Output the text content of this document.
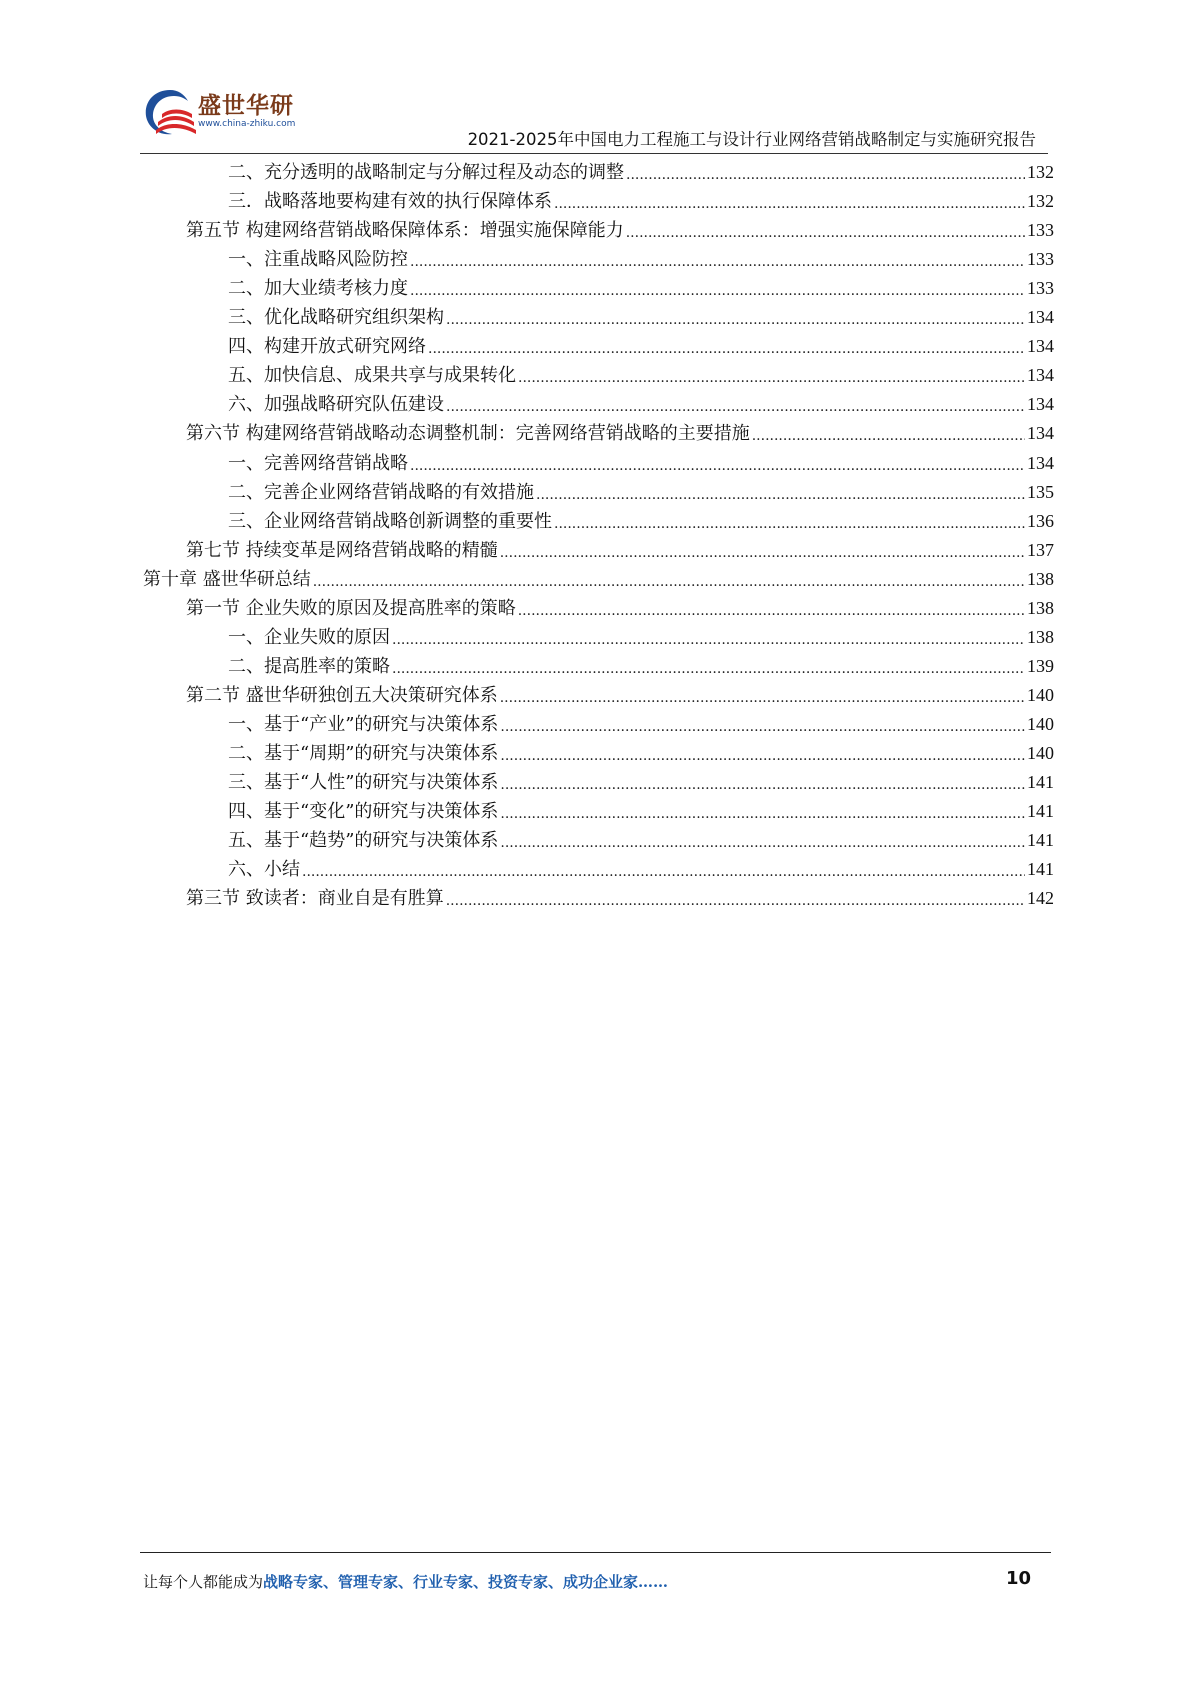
盛世华研
www.china-zhiku.com
2021-2025年中国电力工程施工与设计行业网络营销战略制定与实施研究报告
二、充分透明的战略制定与分解过程及动态的调整 .....	132
三．战略落地要构建有效的执行保障体系 .....	132
第五节 构建网络营销战略保障体系：增强实施保障能力 .....	133
一、注重战略风险防控 .....	133
二、加大业绩考核力度 .....	133
三、优化战略研究组织架构 .....	134
四、构建开放式研究网络 .....	134
五、加快信息、成果共享与成果转化 .....	134
六、加强战略研究队伍建设 .....	134
第六节 构建网络营销战略动态调整机制：完善网络营销战略的主要措施 .....	134
一、完善网络营销战略 .....	134
二、完善企业网络营销战略的有效措施 .....	135
三、企业网络营销战略创新调整的重要性 .....	136
第七节 持续变革是网络营销战略的精髓 .....	137
第十章 盛世华研总结 .....	138
第一节 企业失败的原因及提高胜率的策略 .....	138
一、企业失败的原因 .....	138
二、提高胜率的策略 .....	139
第二节 盛世华研独创五大决策研究体系 .....	140
一、基于“产业”的研究与决策体系 .....	140
二、基于“周期”的研究与决策体系 .....	140
三、基于“人性”的研究与决策体系 .....	141
四、基于“变化”的研究与决策体系 .....	141
五、基于“趋势”的研究与决策体系 .....	141
六、小结 .....	141
第三节 致读者：商业自是有胜算 .....	142
让每个人都能成为战略专家、管理专家、行业专家、投资专家、成功企业家……	10
